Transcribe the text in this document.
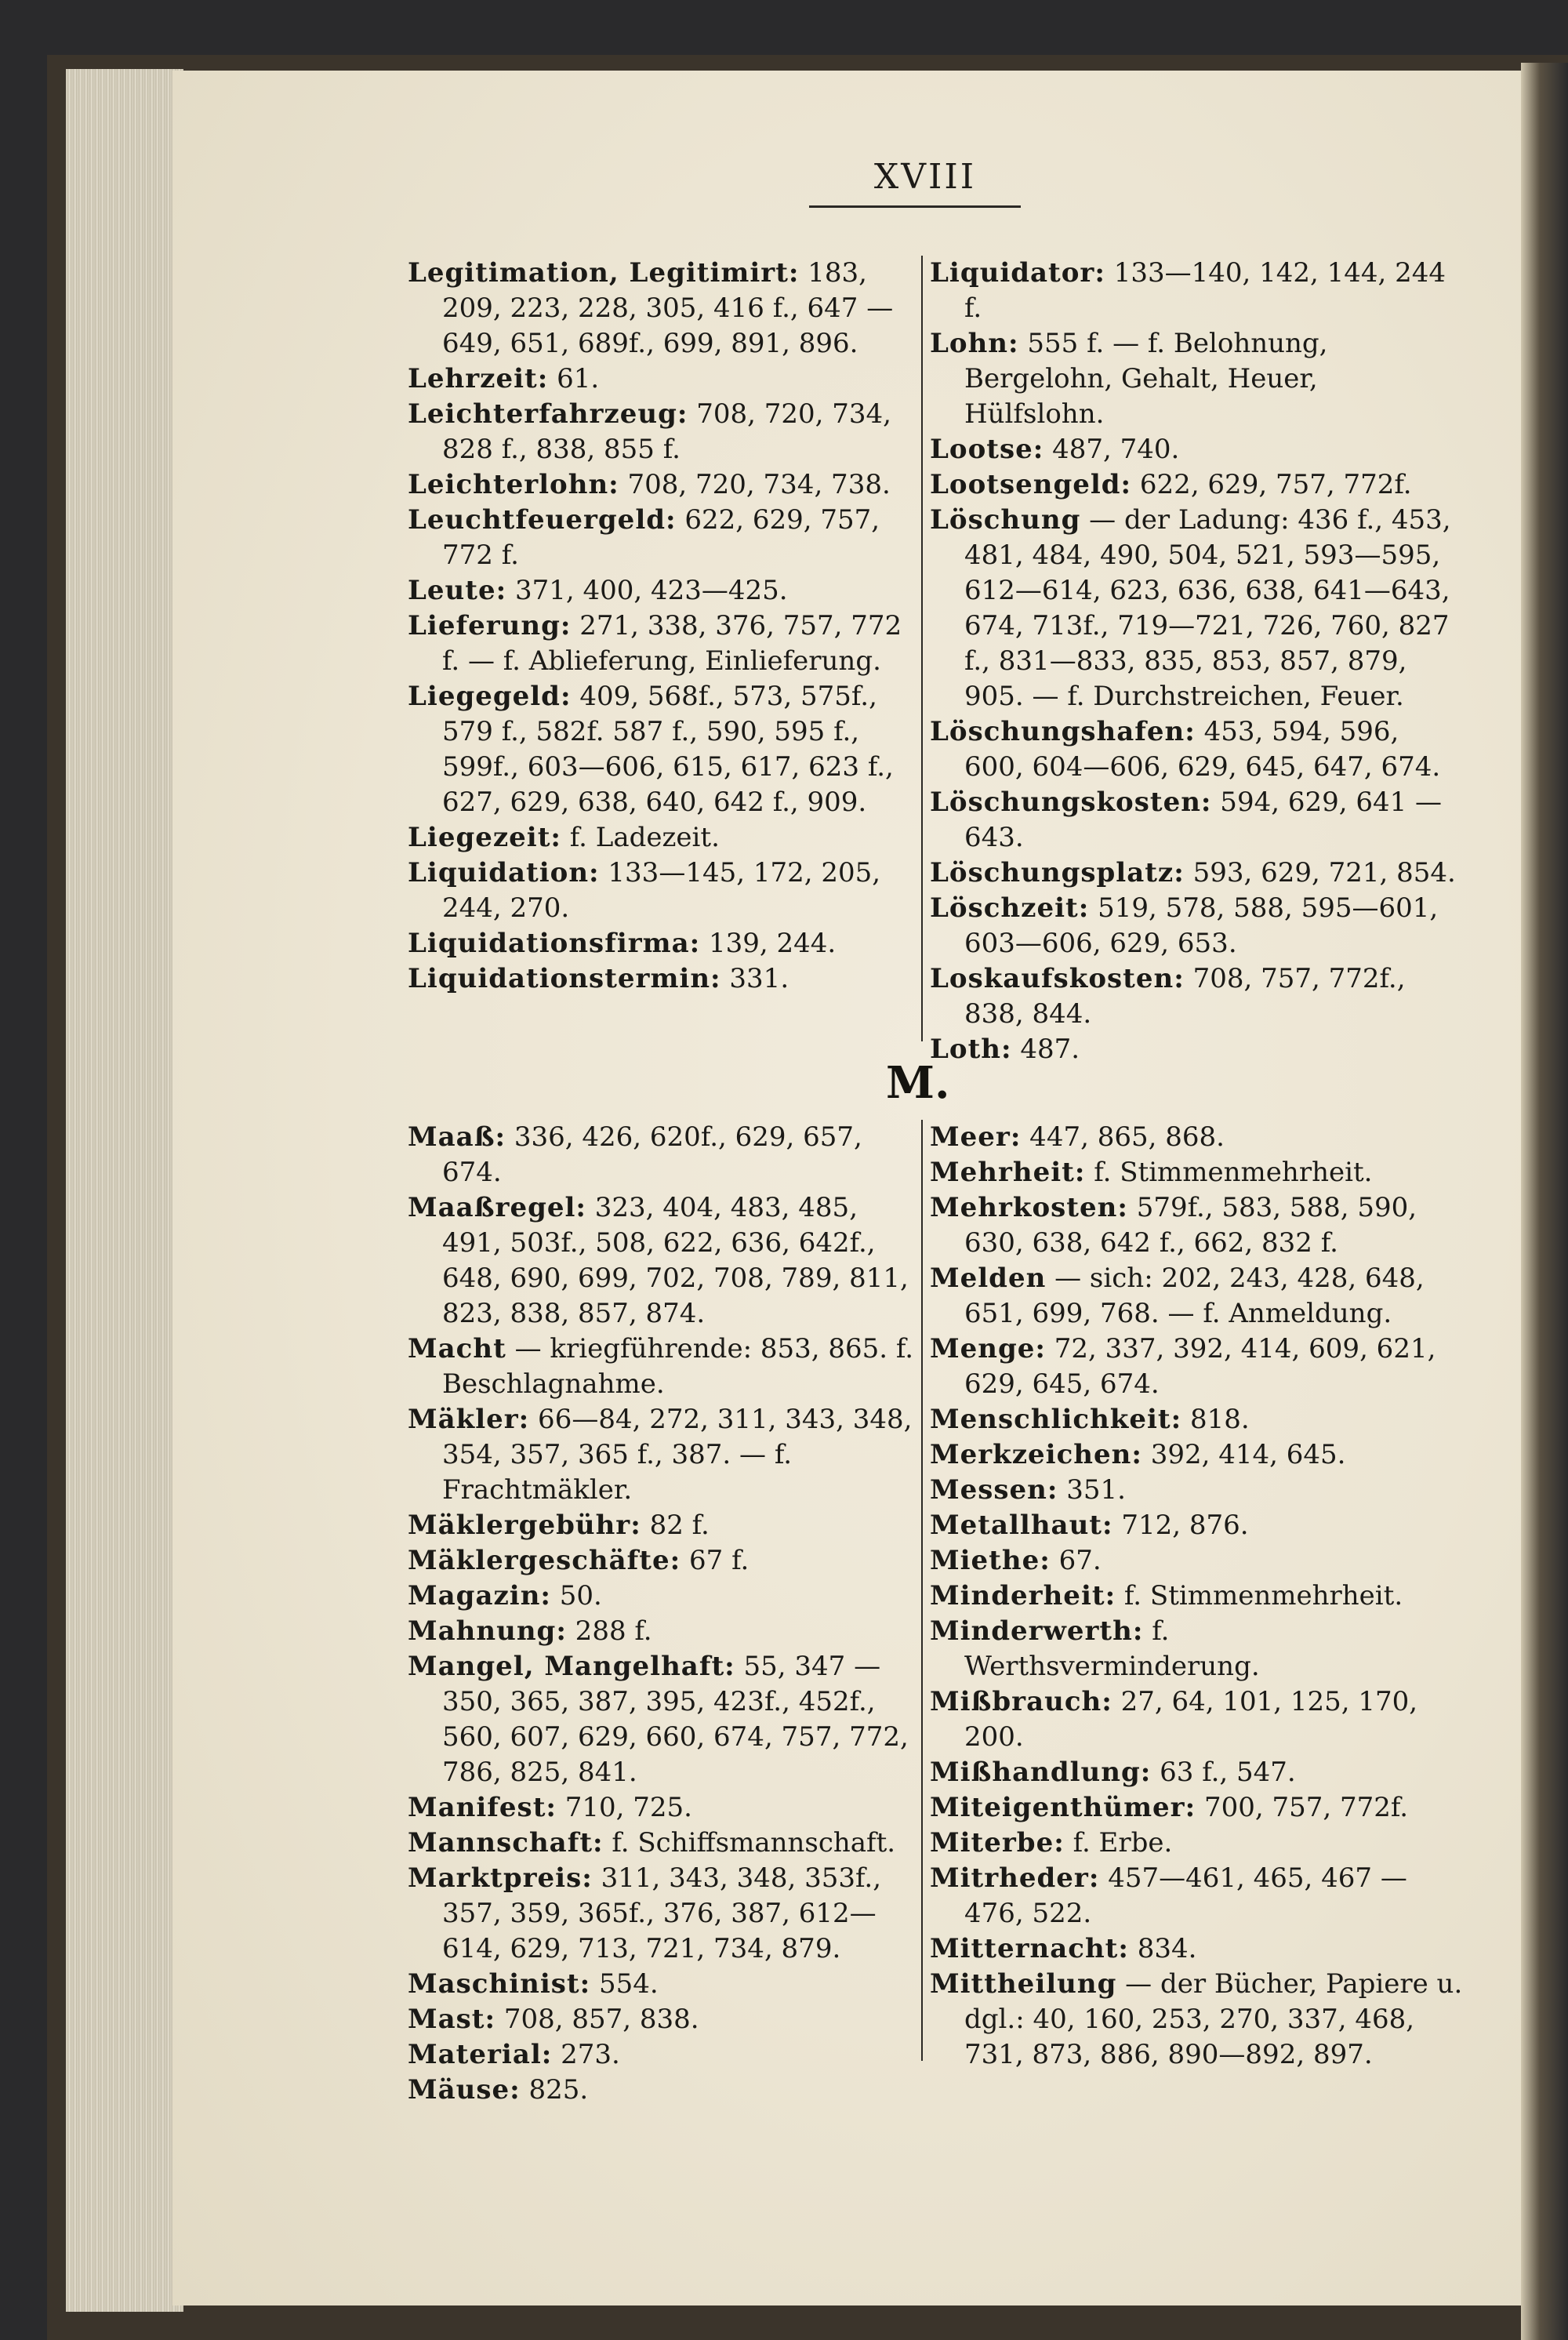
XVIII
Legitimation, Legitimirt: 183, 209, 223, 228, 305, 416 f., 647 —649, 651, 689f., 699, 891, 896.
Lehrzeit: 61.
Leichterfahrzeug: 708, 720, 734, 828 f., 838, 855 f.
Leichterlohn: 708, 720, 734, 738.
Leuchtfeuergeld: 622, 629, 757, 772 f.
Leute: 371, 400, 423—425.
Lieferung: 271, 338, 376, 757, 772 f. — f. Ablieferung, Einlieferung.
Liegegeld: 409, 568f., 573, 575f., 579 f., 582f. 587 f., 590, 595 f., 599f., 603—606, 615, 617, 623 f., 627, 629, 638, 640, 642 f., 909.
Liegezeit: f. Ladezeit.
Liquidation: 133—145, 172, 205, 244, 270.
Liquidationsfirma: 139, 244.
Liquidationstermin: 331.
Liquidator: 133—140, 142, 144, 244 f.
Lohn: 555 f. — f. Belohnung, Bergelohn, Gehalt, Heuer, Hülfslohn.
Lootse: 487, 740.
Lootsengeld: 622, 629, 757, 772f.
Löschung — der Ladung: 436 f., 453, 481, 484, 490, 504, 521, 593—595, 612—614, 623, 636, 638, 641—643, 674, 713f., 719—721, 726, 760, 827 f., 831—833, 835, 853, 857, 879, 905. — f. Durchstreichen, Feuer.
Löschungshafen: 453, 594, 596, 600, 604—606, 629, 645, 647, 674.
Löschungskosten: 594, 629, 641 —643.
Löschungsplatz: 593, 629, 721, 854.
Löschzeit: 519, 578, 588, 595—601, 603—606, 629, 653.
Loskaufskosten: 708, 757, 772f., 838, 844.
Loth: 487.
M.
Maaß: 336, 426, 620f., 629, 657, 674.
Maaßregel: 323, 404, 483, 485, 491, 503f., 508, 622, 636, 642f., 648, 690, 699, 702, 708, 789, 811, 823, 838, 857, 874.
Macht — kriegführende: 853, 865. f. Beschlagnahme.
Mäkler: 66—84, 272, 311, 343, 348, 354, 357, 365 f., 387. — f. Frachtmäkler.
Mäklergebühr: 82 f.
Mäklergeschäfte: 67 f.
Magazin: 50.
Mahnung: 288 f.
Mangel, Mangelhaft: 55, 347 —350, 365, 387, 395, 423f., 452f., 560, 607, 629, 660, 674, 757, 772, 786, 825, 841.
Manifest: 710, 725.
Mannschaft: f. Schiffsmannschaft.
Marktpreis: 311, 343, 348, 353f., 357, 359, 365f., 376, 387, 612—614, 629, 713, 721, 734, 879.
Maschinist: 554.
Mast: 708, 857, 838.
Material: 273.
Mäuse: 825.
Meer: 447, 865, 868.
Mehrheit: f. Stimmenmehrheit.
Mehrkosten: 579f., 583, 588, 590, 630, 638, 642 f., 662, 832 f.
Melden — sich: 202, 243, 428, 648, 651, 699, 768. — f. Anmeldung.
Menge: 72, 337, 392, 414, 609, 621, 629, 645, 674.
Menschlichkeit: 818.
Merkzeichen: 392, 414, 645.
Messen: 351.
Metallhaut: 712, 876.
Miethe: 67.
Minderheit: f. Stimmenmehrheit.
Minderwerth: f. Werthsverminderung.
Mißbrauch: 27, 64, 101, 125, 170, 200.
Mißhandlung: 63 f., 547.
Miteigenthümer: 700, 757, 772f.
Miterbe: f. Erbe.
Mitrheder: 457—461, 465, 467 —476, 522.
Mitternacht: 834.
Mittheilung — der Bücher, Papiere u. dgl.: 40, 160, 253, 270, 337, 468, 731, 873, 886, 890—892, 897.
